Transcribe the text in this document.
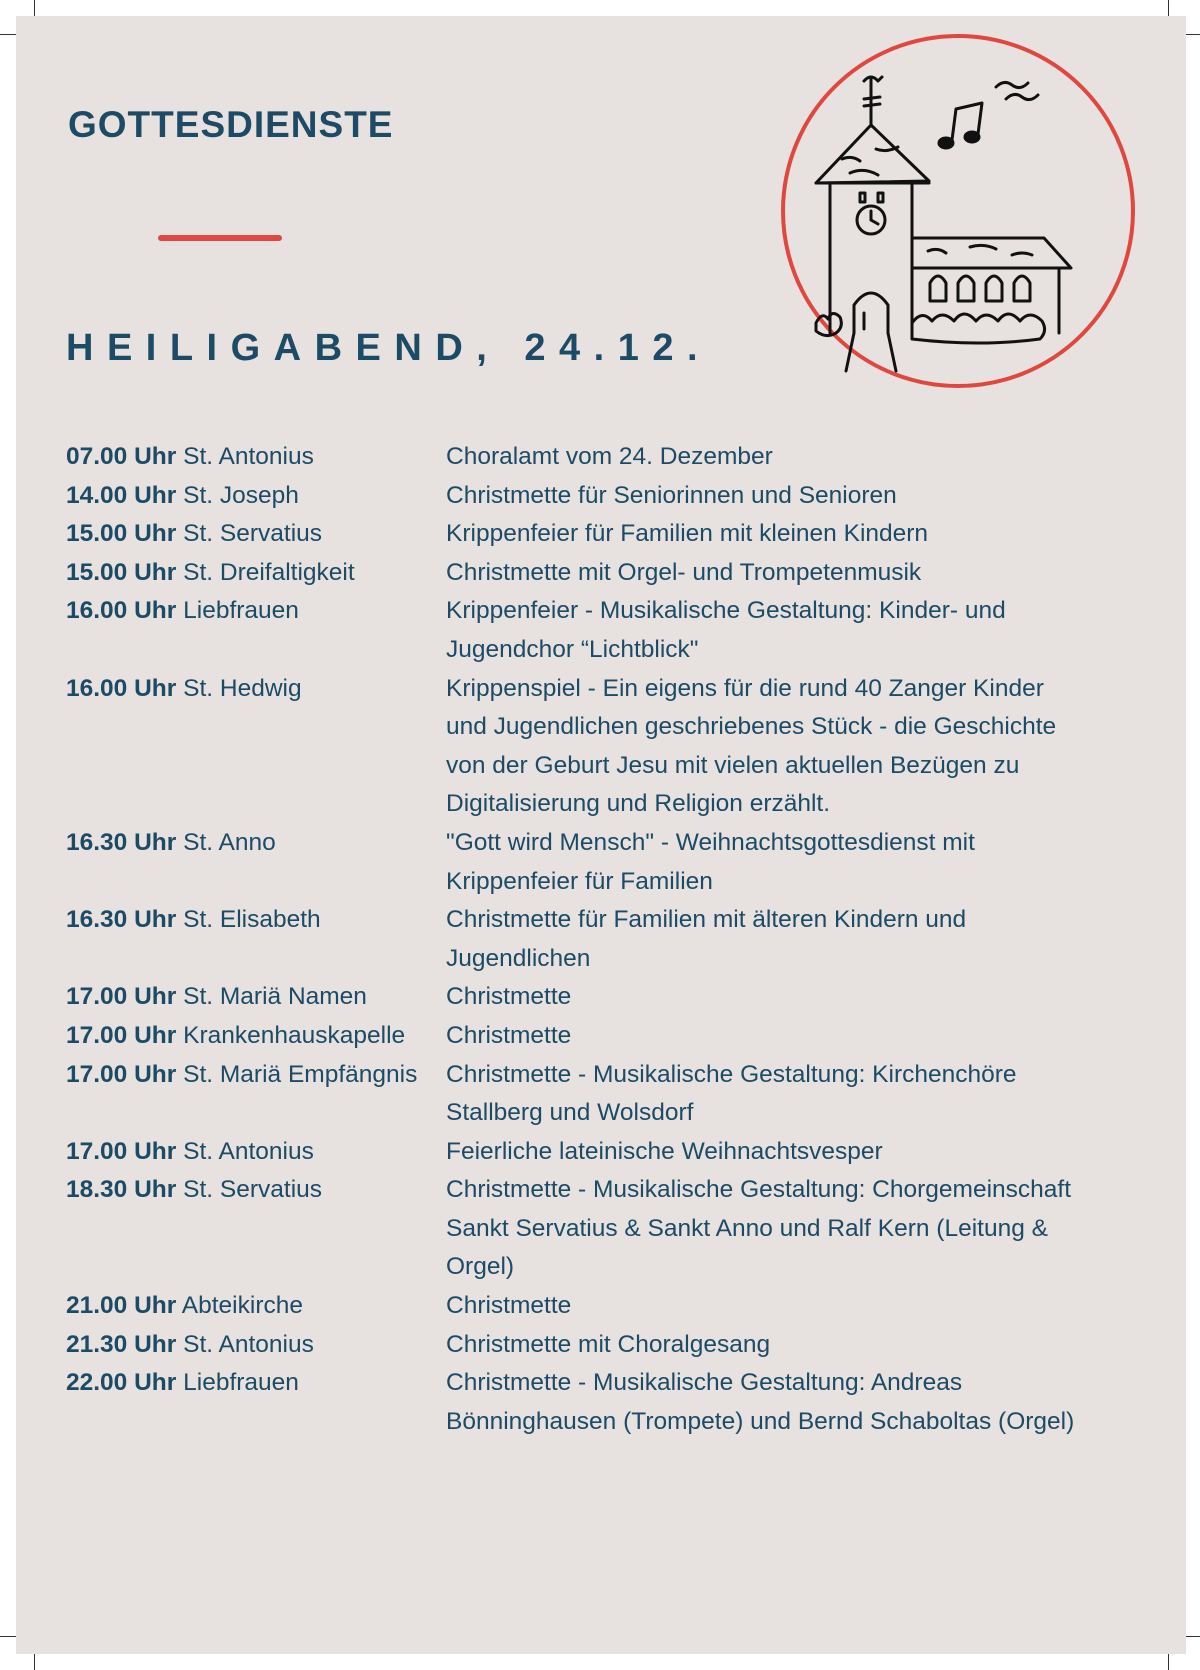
GOTTESDIENSTE
HEILIGABEND, 24.12.
07.00 Uhr St. Antonius	Choralamt vom 24. Dezember
14.00 Uhr St. Joseph	Christmette für Seniorinnen und Senioren
15.00 Uhr St. Servatius	Krippenfeier für Familien mit kleinen Kindern
15.00 Uhr St. Dreifaltigkeit	Christmette mit Orgel- und Trompetenmusik
16.00 Uhr Liebfrauen	Krippenfeier - Musikalische Gestaltung: Kinder- und
Jugendchor “Lichtblick"
16.00 Uhr St. Hedwig	Krippenspiel - Ein eigens für die rund 40 Zanger Kinder
und Jugendlichen geschriebenes Stück - die Geschichte
von der Geburt Jesu mit vielen aktuellen Bezügen zu
Digitalisierung und Religion erzählt.
16.30 Uhr St. Anno	"Gott wird Mensch" - Weihnachtsgottesdienst mit
Krippenfeier für Familien
16.30 Uhr St. Elisabeth	Christmette für Familien mit älteren Kindern und
Jugendlichen
17.00 Uhr St. Mariä Namen	Christmette
17.00 Uhr Krankenhauskapelle	Christmette
17.00 Uhr St. Mariä Empfängnis	Christmette - Musikalische Gestaltung: Kirchenchöre
Stallberg und Wolsdorf
17.00 Uhr St. Antonius	Feierliche lateinische Weihnachtsvesper
18.30 Uhr St. Servatius	Christmette - Musikalische Gestaltung: Chorgemeinschaft
Sankt Servatius & Sankt Anno und Ralf Kern (Leitung &
Orgel)
21.00 Uhr Abteikirche	Christmette
21.30 Uhr St. Antonius	Christmette mit Choralgesang
22.00 Uhr Liebfrauen	Christmette - Musikalische Gestaltung: Andreas
Bönninghausen (Trompete) und Bernd Schaboltas (Orgel)
